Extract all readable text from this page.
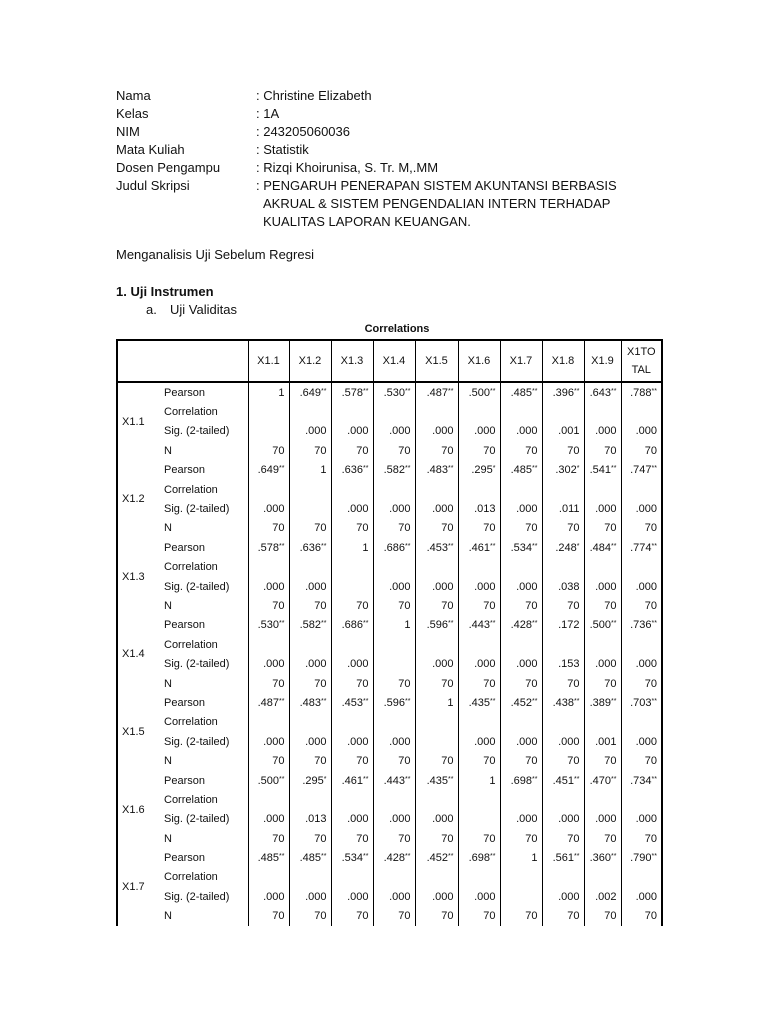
Nama	: Christine Elizabeth
Kelas	: 1A
NIM	: 243205060036
Mata Kuliah	: Statistik
Dosen Pengampu	: Rizqi Khoirunisa, S. Tr. M,.MM
Judul Skripsi	: PENGARUH PENERAPAN SISTEM AKUNTANSI BERBASIS
AKRUAL & SISTEM PENGENDALIAN INTERN TERHADAP
KUALITAS LAPORAN KEUANGAN.
Menganalisis Uji Sebelum Regresi
1. Uji Instrumen
a. Uji Validitas
Correlations
		X1.1	X1.2	X1.3	X1.4	X1.5	X1.6	X1.7	X1.8	X1.9	X1TO TAL
X1.1	Pearson	1	.649**	.578**	.530**	.487**	.500**	.485**	.396**	.643**	.788**
	Correlation										
	Sig. (2-tailed)		.000	.000	.000	.000	.000	.000	.001	.000	.000
	N	70	70	70	70	70	70	70	70	70	70
X1.2	Pearson	.649**	1	.636**	.582**	.483**	.295*	.485**	.302*	.541**	.747**
	Correlation										
	Sig. (2-tailed)	.000		.000	.000	.000	.013	.000	.011	.000	.000
	N	70	70	70	70	70	70	70	70	70	70
X1.3	Pearson	.578**	.636**	1	.686**	.453**	.461**	.534**	.248*	.484**	.774**
	Correlation										
	Sig. (2-tailed)	.000	.000		.000	.000	.000	.000	.038	.000	.000
	N	70	70	70	70	70	70	70	70	70	70
X1.4	Pearson	.530**	.582**	.686**	1	.596**	.443**	.428**	.172	.500**	.736**
	Correlation										
	Sig. (2-tailed)	.000	.000	.000		.000	.000	.000	.153	.000	.000
	N	70	70	70	70	70	70	70	70	70	70
X1.5	Pearson	.487**	.483**	.453**	.596**	1	.435**	.452**	.438**	.389**	.703**
	Correlation										
	Sig. (2-tailed)	.000	.000	.000	.000		.000	.000	.000	.001	.000
	N	70	70	70	70	70	70	70	70	70	70
X1.6	Pearson	.500**	.295*	.461**	.443**	.435**	1	.698**	.451**	.470**	.734**
	Correlation										
	Sig. (2-tailed)	.000	.013	.000	.000	.000		.000	.000	.000	.000
	N	70	70	70	70	70	70	70	70	70	70
X1.7	Pearson	.485**	.485**	.534**	.428**	.452**	.698**	1	.561**	.360**	.790**
	Correlation										
	Sig. (2-tailed)	.000	.000	.000	.000	.000	.000		.000	.002	.000
	N	70	70	70	70	70	70	70	70	70	70
